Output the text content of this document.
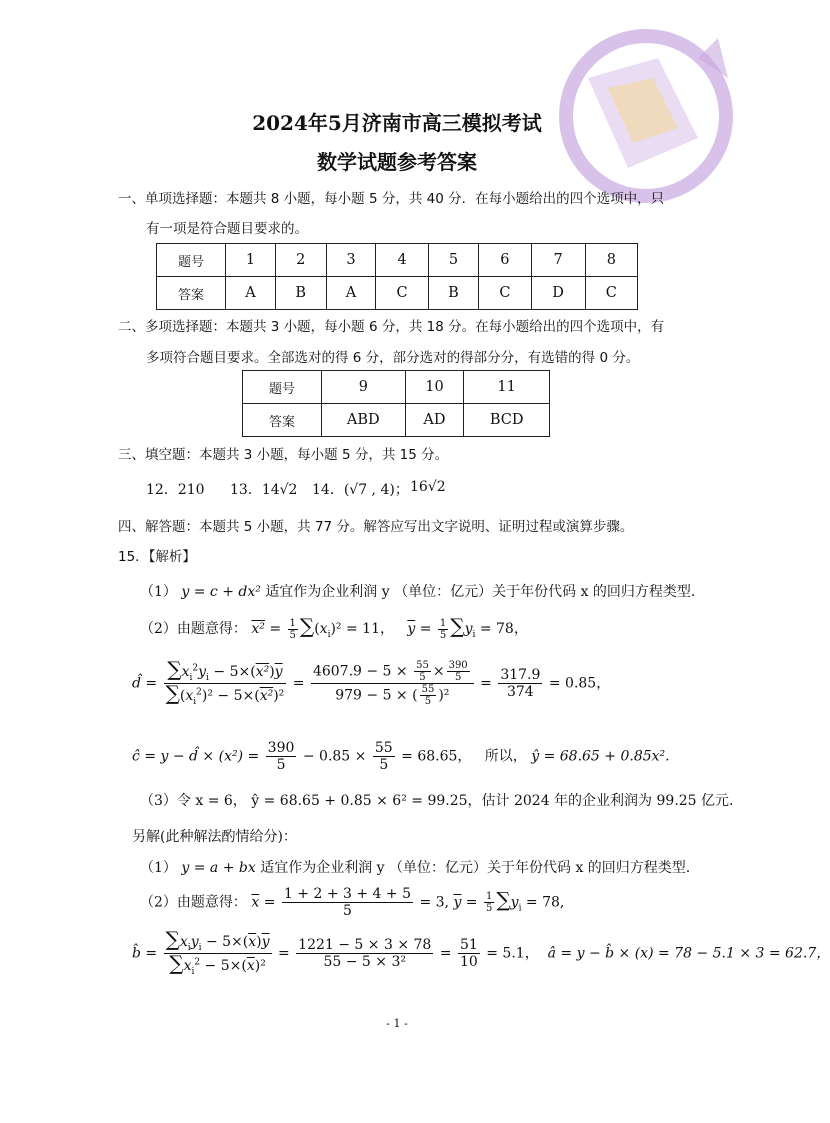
2024年5月济南市高三模拟考试
数学试题参考答案
一、单项选择题：本题共 8 小题，每小题 5 分，共 40 分．在每小题给出的四个选项中，只
有一项是符合题目要求的。
题号	1	2	3	4	5	6	7	8
答案	A	B	A	C	B	C	D	C
二、多项选择题：本题共 3 小题，每小题 6 分，共 18 分。在每小题给出的四个选项中，有
多项符合题目要求。全部选对的得 6 分，部分选对的得部分分，有选错的得 0 分。
题号	9	10	11
答案	ABD	AD	BCD
三、填空题：本题共 3 小题，每小题 5 分，共 15 分。
12．210 13．14√2 14．(√7 , 4)； 16√2
四、解答题：本题共 5 小题，共 77 分。解答应写出文字说明、证明过程或演算步骤。
15．【解析】
（1） y = c + dx² 适宜作为企业利润 y （单位：亿元）关于年份代码 x 的回归方程类型.
（2）由题意得： $x^2 = \frac{1}{5} \sum(x_i)^2 = 11$， $\overline{y} = \frac{1}{5} \sum y_i = 78$，
d̂ = $\frac{\sum x_i^2y_i - 5\times(x^2)\overline{y}}{\sum(x_i^2)^2 - 5\times(x^2)^2} = \frac{4607.9 - 5 \times \frac{55}{5} \times \frac{390}{5}}{979 - 5 \times ( \frac{55}{5} )^2} = \frac{317.9}{374} = 0.85$，
ĉ = y − d̂ × $(x^2) = \frac{390}{5} - 0.85 \times \frac{55}{5} = 68.65$， 所以， ŷ = 68.65 + 0.85x².
（3）令 x = 6， ŷ = 68.65 + 0.85 × 6² = 99.25，估计 2024 年的企业利润为 99.25 亿元.
另解(此种解法酌情给分)：
（1） y = a + bx 适宜作为企业利润 y （单位：亿元）关于年份代码 x 的回归方程类型.
（2）由题意得： $\overline{x} = \frac{1 + 2 + 3 + 4 + 5}{5} = 3$, $\overline{y} = \frac{1}{5} \sum y_i = 78$,
b̂ = $\frac{\sum x_iy_i - 5\times(\overline{x})\overline{y}}{\sum x_i^2 - 5\times(\overline{x})^2} = \frac{1221 - 5 \times 3 \times 78}{\text{55 − 5 × 3²}} = \frac{51}{10} = 5.1$， â = y − b̂ × (x) = 78 − 5.1 × 3 = 62.7，
- 1 -
